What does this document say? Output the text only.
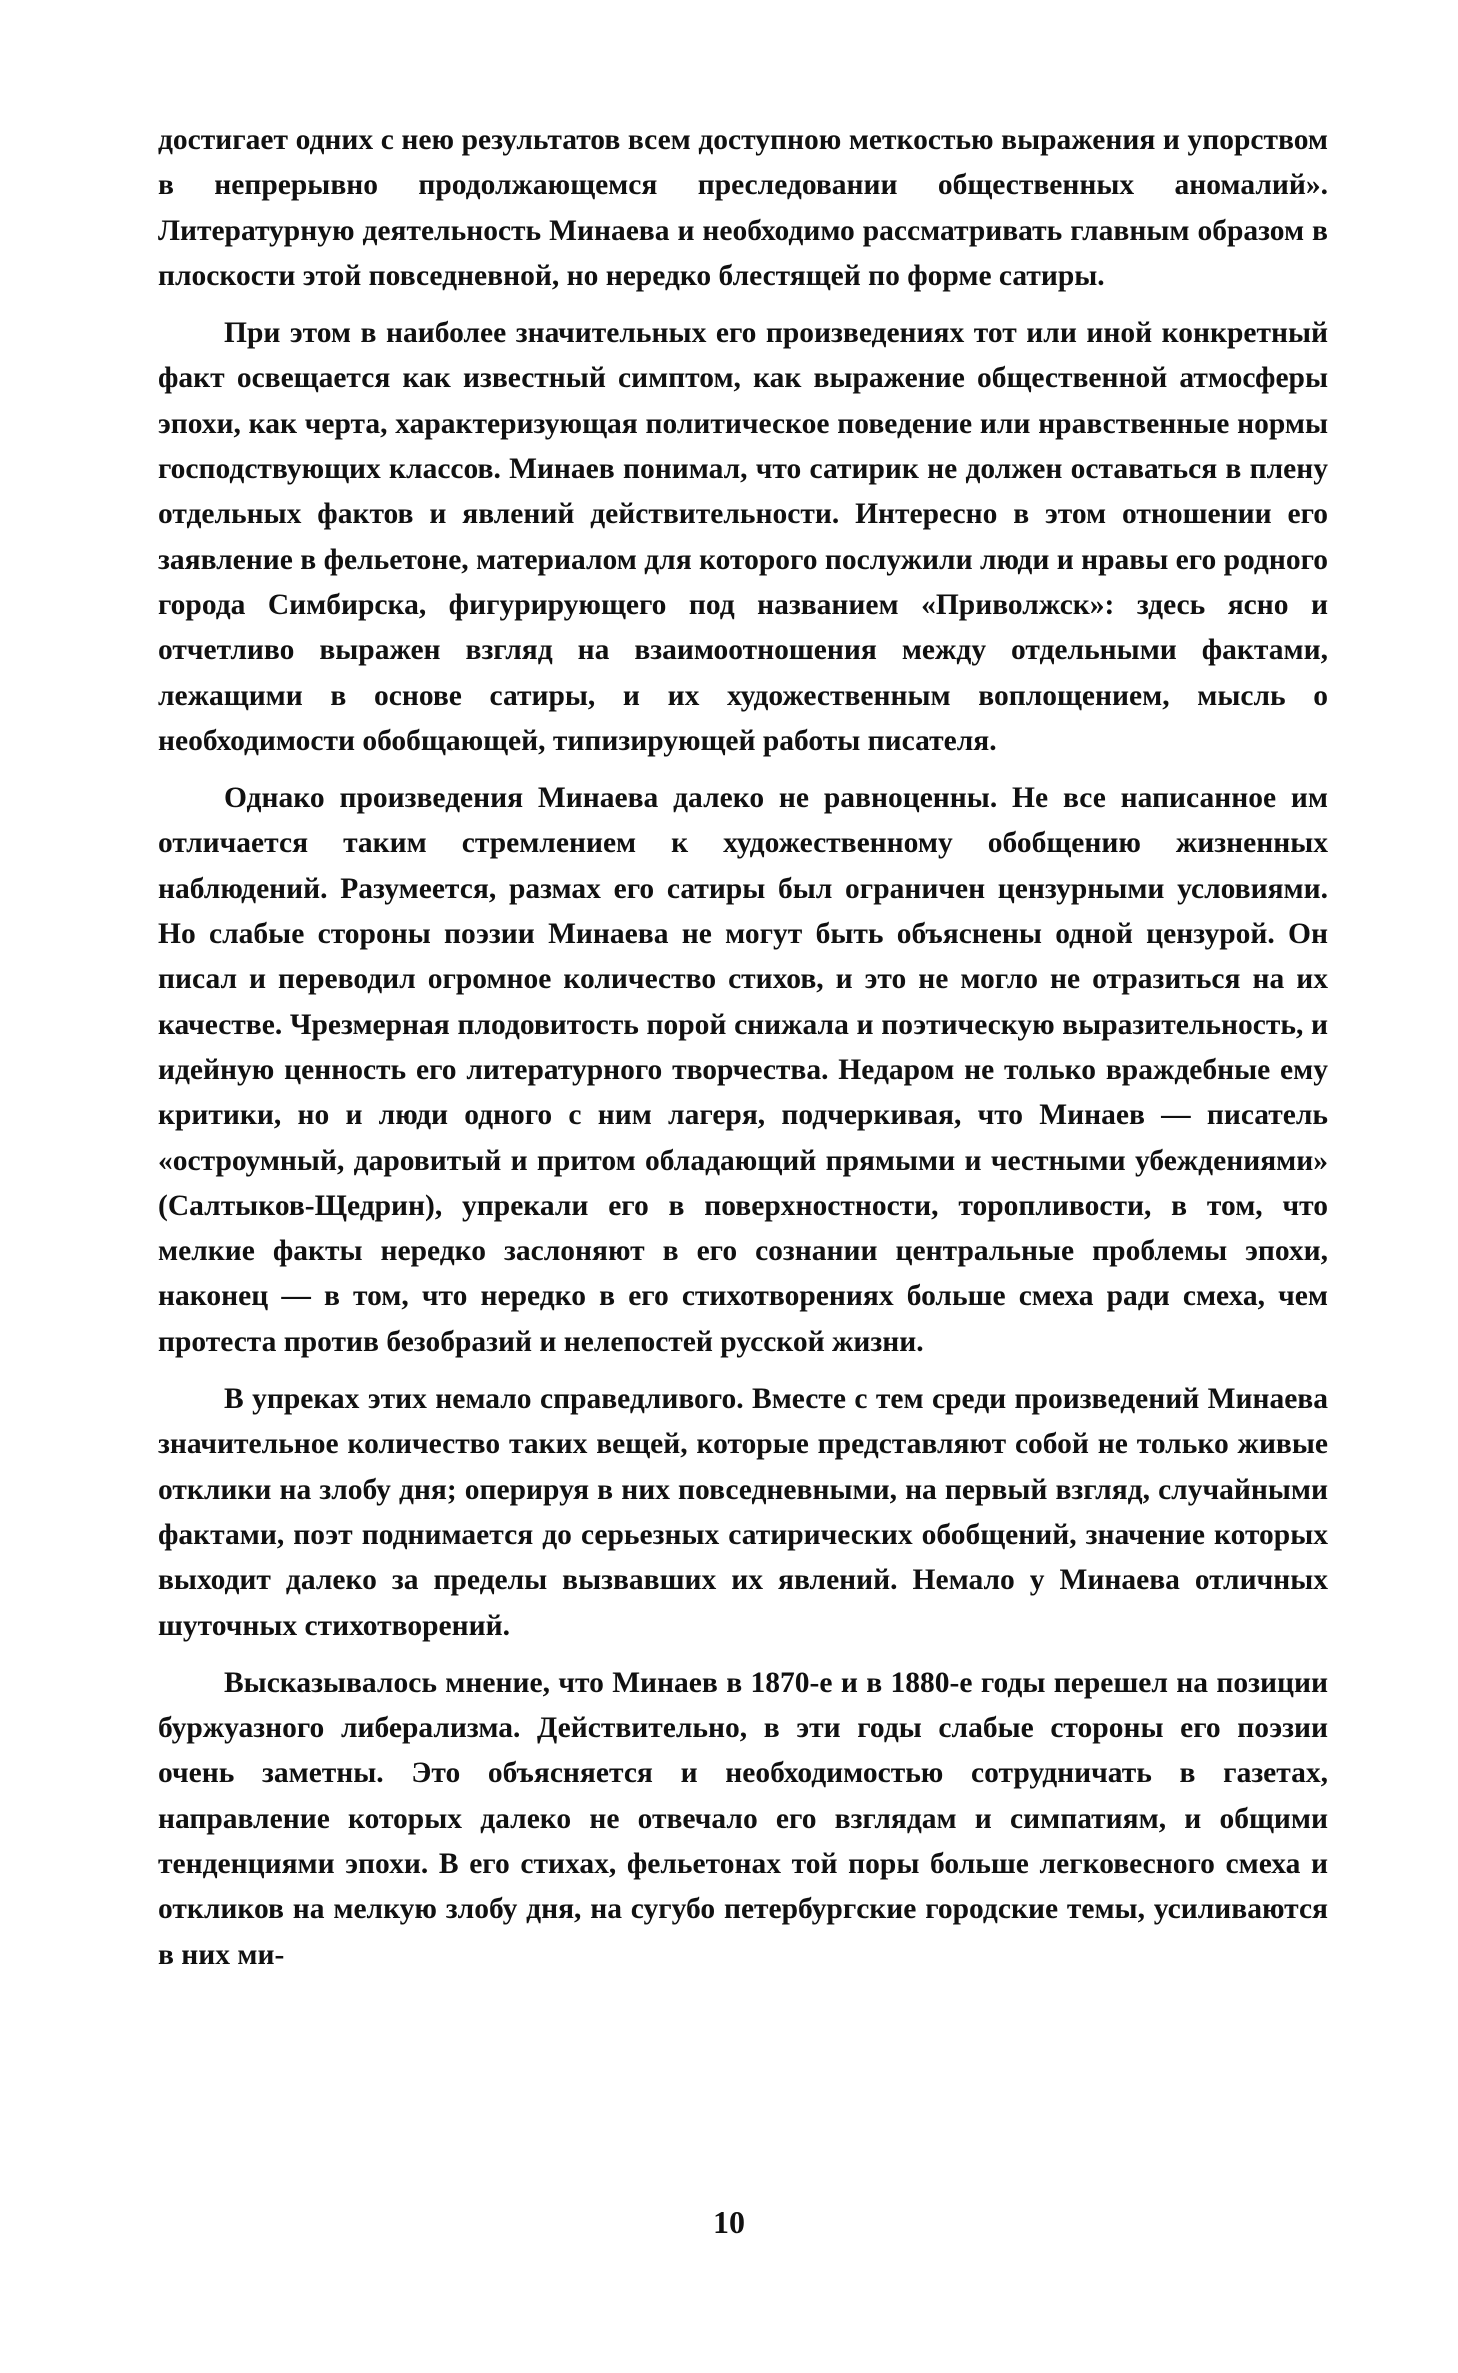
достигает одних с нею результатов всем доступною меткостью выражения и упорством в непрерывно продолжающемся преследовании общественных аномалий». Литературную деятельность Минаева и необходимо рассматривать главным образом в плоскости этой повседневной, но нередко блестящей по форме сатиры.

При этом в наиболее значительных его произведениях тот или иной конкретный факт освещается как известный симптом, как выражение общественной атмосферы эпохи, как черта, характеризующая политическое поведение или нравственные нормы господствующих классов. Минаев понимал, что сатирик не должен оставаться в плену отдельных фактов и явлений действительности. Интересно в этом отношении его заявление в фельетоне, материалом для которого послужили люди и нравы его родного города Симбирска, фигурирующего под названием «Приволжск»: здесь ясно и отчетливо выражен взгляд на взаимоотношения между отдельными фактами, лежащими в основе сатиры, и их художественным воплощением, мысль о необходимости обобщающей, типизирующей работы писателя.

Однако произведения Минаева далеко не равноценны. Не все написанное им отличается таким стремлением к художественному обобщению жизненных наблюдений. Разумеется, размах его сатиры был ограничен цензурными условиями. Но слабые стороны поэзии Минаева не могут быть объяснены одной цензурой. Он писал и переводил огромное количество стихов, и это не могло не отразиться на их качестве. Чрезмерная плодовитость порой снижала и поэтическую выразительность, и идейную ценность его литературного творчества. Недаром не только враждебные ему критики, но и люди одного с ним лагеря, подчеркивая, что Минаев — писатель «остроумный, даровитый и притом обладающий прямыми и честными убеждениями» (Салтыков-Щедрин), упрекали его в поверхностности, торопливости, в том, что мелкие факты нередко заслоняют в его сознании центральные проблемы эпохи, наконец — в том, что нередко в его стихотворениях больше смеха ради смеха, чем протеста против безобразий и нелепостей русской жизни.

В упреках этих немало справедливого. Вместе с тем среди произведений Минаева значительное количество таких вещей, которые представляют собой не только живые отклики на злобу дня; оперируя в них повседневными, на первый взгляд, случайными фактами, поэт поднимается до серьезных сатирических обобщений, значение которых выходит далеко за пределы вызвавших их явлений. Немало у Минаева отличных шуточных стихотворений.

Высказывалось мнение, что Минаев в 1870-е и в 1880-е годы перешел на позиции буржуазного либерализма. Действительно, в эти годы слабые стороны его поэзии очень заметны. Это объясняется и необходимостью сотрудничать в газетах, направление которых далеко не отвечало его взглядам и симпатиям, и общими тенденциями эпохи. В его стихах, фельетонах той поры больше легковесного смеха и откликов на мелкую злобу дня, на сугубо петербургские городские темы, усиливаются в них ми-

10
